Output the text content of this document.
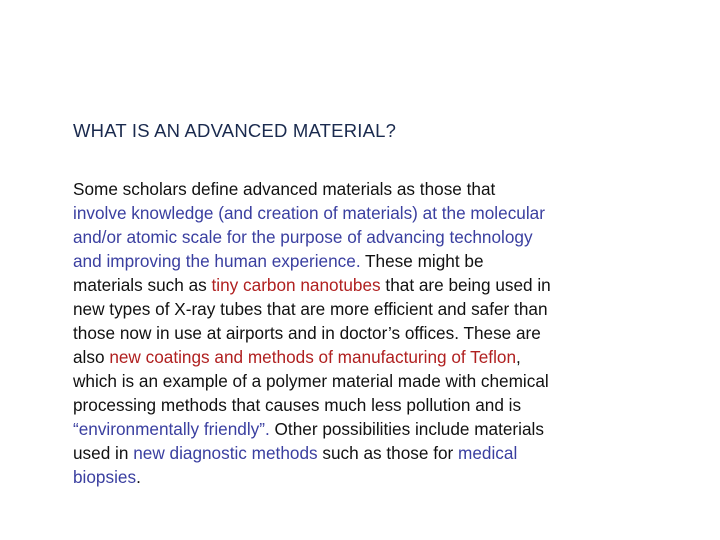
WHAT IS AN ADVANCED MATERIAL?
Some scholars define advanced materials as those that
involve knowledge (and creation of materials) at the molecular
and/or atomic scale for the purpose of advancing technology
and improving the human experience. These might be
materials such as tiny carbon nanotubes that are being used in
new types of X-ray tubes that are more efficient and safer than
those now in use at airports and in doctor’s offices. These are
also new coatings and methods of manufacturing of Teflon,
which is an example of a polymer material made with chemical
processing methods that causes much less pollution and is
“environmentally friendly”. Other possibilities include materials
used in new diagnostic methods such as those for medical
biopsies.
